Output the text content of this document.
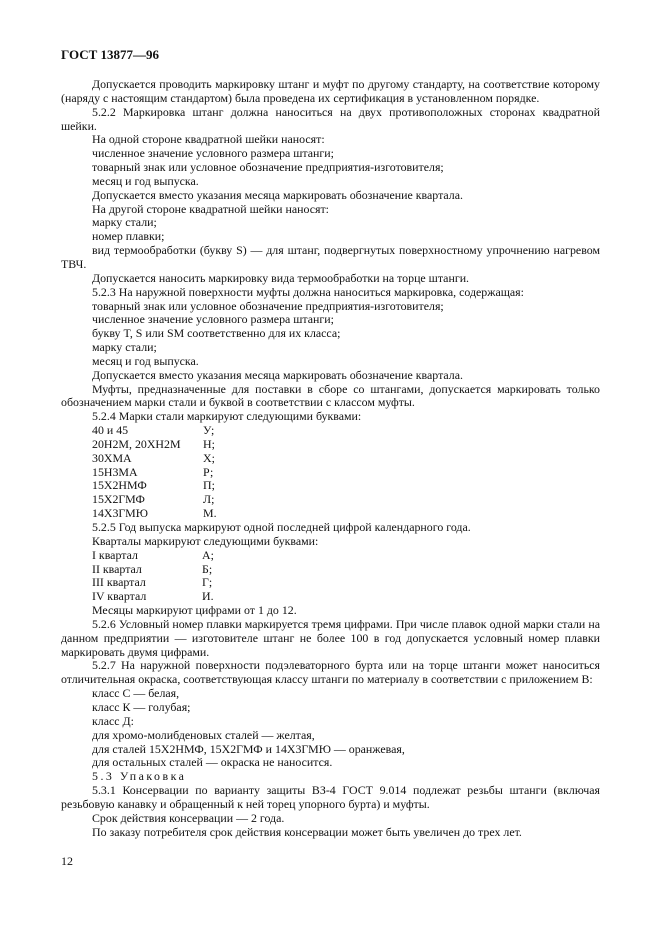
ГОСТ 13877—96

Допускается проводить маркировку штанг и муфт по другому стандарту, на соответствие которому (наряду с настоящим стандартом) была проведена их сертификация в установленном порядке.

5.2.2 Маркировка штанг должна наноситься на двух противоположных сторонах квадратной шейки.

На одной стороне квадратной шейки наносят:

численное значение условного размера штанги;

товарный знак или условное обозначение предприятия-изготовителя;

месяц и год выпуска.

Допускается вместо указания месяца маркировать обозначение квартала.

На другой стороне квадратной шейки наносят:

марку стали;

номер плавки;

вид термообработки (букву S) — для штанг, подвергнутых поверхностному упрочнению нагревом ТВЧ.

Допускается наносить маркировку вида термообработки на торце штанги.

5.2.3 На наружной поверхности муфты должна наноситься маркировка, содержащая:

товарный знак или условное обозначение предприятия-изготовителя;

численное значение условного размера штанги;

букву T, S или SM соответственно для их класса;

марку стали;

месяц и год выпуска.

Допускается вместо указания месяца маркировать обозначение квартала.

Муфты, предназначенные для поставки в сборе со штангами, допускается маркировать только обозначением марки стали и буквой в соответствии с классом муфты.

5.2.4 Марки стали маркируют следующими буквами:

40 и 45	У;
20Н2М, 20ХН2М	Н;
30ХМА	Х;
15Н3МА	Р;
15Х2НМФ	П;
15Х2ГМФ	Л;
14Х3ГМЮ	М.

5.2.5 Год выпуска маркируют одной последней цифрой календарного года.

Кварталы маркируют следующими буквами:

I квартал	А;
II квартал	Б;
III квартал	Г;
IV квартал	И.

Месяцы маркируют цифрами от 1 до 12.

5.2.6 Условный номер плавки маркируется тремя цифрами. При числе плавок одной марки стали на данном предприятии — изготовителе штанг не более 100 в год допускается условный номер плавки маркировать двумя цифрами.

5.2.7 На наружной поверхности подэлеваторного бурта или на торце штанги может наноситься отличительная окраска, соответствующая классу штанги по материалу в соответствии с приложением В:

класс С — белая,

класс К — голубая;

класс Д:

для хромо-молибденовых сталей — желтая,

для сталей 15Х2НМФ, 15Х2ГМФ и 14Х3ГМЮ — оранжевая,

для остальных сталей — окраска не наносится.

5.3 Упаковка

5.3.1 Консервации по варианту защиты ВЗ-4 ГОСТ 9.014 подлежат резьбы штанги (включая резьбовую канавку и обращенный к ней торец упорного бурта) и муфты.

Срок действия консервации — 2 года.

По заказу потребителя срок действия консервации может быть увеличен до трех лет.

12
